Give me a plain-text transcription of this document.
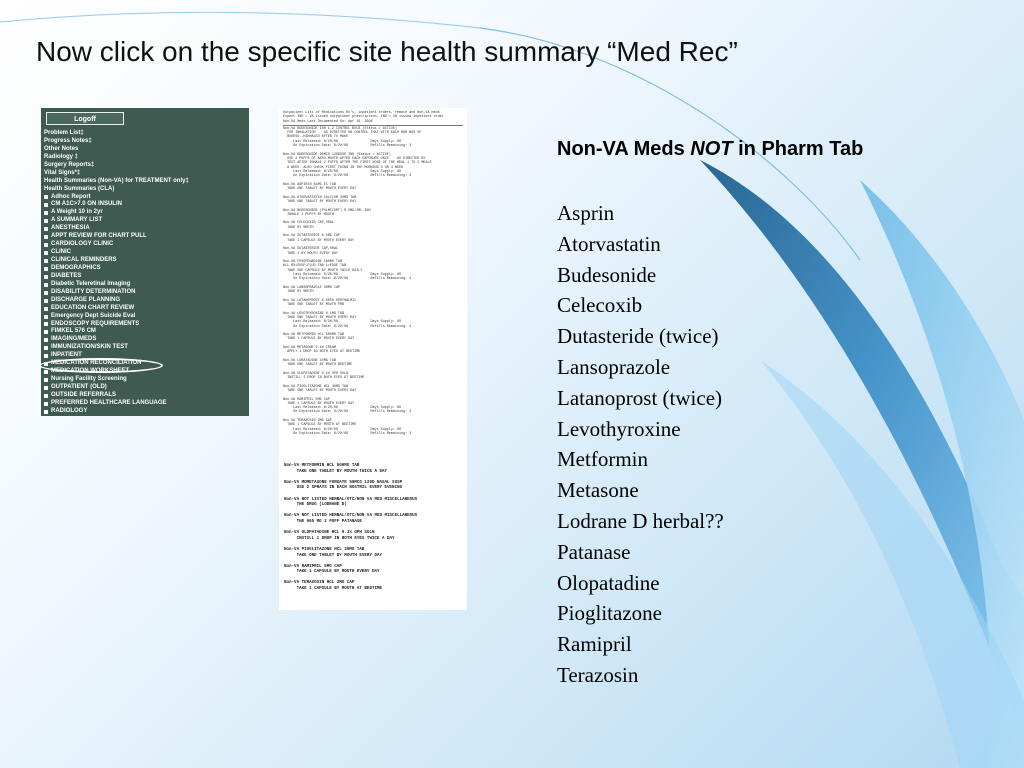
Now click on the specific site health summary “Med Rec”
Logoff
Problem List‡
Progress Notes‡
Other Notes
Radiology ‡
Surgery Reports‡
Vital Signs*‡
Health Summaries (Non-VA) for TREATMENT only‡
Health Summaries (CLA)
Adhoc Report
CM A1C>7.0 ON INSULIN
A Weight 10 in 2yr
A SUMMARY LIST
ANESTHESIA
APPT REVIEW FOR CHART PULL
CARDIOLOGY CLINIC
CLINIC
CLINICAL REMINDERS
DEMOGRAPHICS
DIABETES
Diabetic Teleretinal Imaging
DISABILITY DETERMINATION
DISCHARGE PLANNING
EDUCATION CHART REVIEW
Emergency Dept Suicide Eval
ENDOSCOPY REQUIREMENTS
FIMKEL 576 CM
IMAGING/MEDS
IMMUNIZATION/SKIN TEST
INPATIENT
MEDICATION RECONCILIATION
MEDICATION WORKSHEET
Nursing Facility Screening
OUTPATIENT (OLD)
OUTSIDE REFERRALS
PREFERRED HEALTHCARE LANGUAGE
RADIOLOGY
Outpatient List of Medications Rx's, inpatient orders, remote and Non-VA meds
Expect IND = VA issued outpatient prescription, IND = VA issued inpatient order
Non-VA Meds Last Documented On: Apr 16, 2008
Non-VA BUDESONIDE INH 1-2 CONTROL BULB (Status = ACTIVE)
FOR INHALATION    AS DIRECTED ON CONTROL THAT WITH EACH MAR NOS OF
BUDESO--HINHALED AFTER TO MAKE
Last Released: 8/20/08                Days Supply: 90
On Expiration Date: 8/20/09           Refills Remaining: 3

Non-VA BUDESONIDE 90MCG 120DOSE INH (Status = ACTIVE)
USE 2 PUFFS OF AERO-MOUTH AFTER EACH EXPOSURE ONCE    AS DIRECTED BY
TEST AFTER INHALE 2 PUFFS AFTER THE FIRST DOSE OF THE MEAL 1 TO 2 MEALS
A WEEK. ALSO CHECK FIRST THING IN THE MORNING 3 OR 4 WEEK
Last Released: 8/20/08                Days Supply: 90
On Expiration Date: 8/20/09           Refills Remaining: 3

Non-VA ASPIRIN 81MG EC TAB
TAKE ONE TABLET BY MOUTH EVERY DAY

Non-VA ATORVASTATIN CALCIUM 20MG TAB
TAKE ONE TABLET BY MOUTH EVERY DAY

Non-VA BUDESONIDE (PULMICORT) 0.5MG/2ML INH
INHALE 2 PUFFS BY MOUTH

Non-VA CELECOXIB CAP,ORAL
TAKE BY MOUTH

Non-VA DUTASTERIDE 0.5MG CAP
TAKE 1 CAPSULE BY MOUTH EVERY DAY

Non-VA DUTASTERIDE CAP,ORAL
TAKE 1 BY MOUTH EVERY DAY

Non-VA FEXOFENADINE 180MG TAB
ALL RX=DUSP.FLUD TAB 1=EDGE TAB
TAKE ONE CAPSULE BY MOUTH TWICE DAILY
Last Released: 8/20/08                Days Supply: 90
On Expiration Date: 8/20/09           Refills Remaining: 3

Non-VA LANSOPRAZOLE 30MG CAP
TAKE BY MOUTH

Non-VA LATANOPROST 0.005% OPHTHALMIC
TAKE ONE TABLET BY MOUTH PRN

Non-VA LEVOTHYROXINE 0.1MG TAB
TAKE ONE TABLET BY MOUTH EVERY DAY
Last Released: 8/20/08                Days Supply: 90
On Expiration Date: 8/20/09           Refills Remaining: 3

Non-VA METFORMIN HCL 500MG TAB
TAKE 1 CAPSULE BY MOUTH EVERY DAY

Non-VA METASONE 0.1% CREAM
APPLY 1 DROP IN BOTH EYES AT BEDTIME

Non-VA LORATADINE 10MG TAB
TAKE ONE TABLET BY MOUTH BEDTIME

Non-VA OLOPATADINE 0.1% OPH SOLN
INSTILL 1 DROP IN BOTH EYES AT BEDTIME

Non-VA PIOGLITAZONE HCL 30MG TAB
TAKE ONE TABLET BY MOUTH EVERY DAY

Non-VA RAMIPRIL 5MG CAP
TAKE 1 CAPSULE BY MOUTH EVERY DAY
Last Released: 8/20/08                Days Supply: 90
On Expiration Date: 8/20/09           Refills Remaining: 3

Non-VA TERAZOSIN 2MG CAP
TAKE 1 CAPSULE BY MOUTH AT BEDTIME
Last Released: 8/20/08                Days Supply: 90
On Expiration Date: 8/20/09           Refills Remaining: 3
Non-VA METFORMIN HCL 500MG TAB
TAKE ONE TABLET BY MOUTH TWICE A DAY

Non-VA MOMETASONE FUROATE 50MCG 120D NASAL SUSP
USE 2 SPRAYS IN EACH NOSTRIL EVERY EVENING

Non-VA NOT LISTED HERBAL/OTC/NON VA MED MISCELLANEOUS
THE DRUG (LODRANE D)

Non-VA NOT LISTED HERBAL/OTC/NON VA MED MISCELLANEOUS
THE 665 MG 2 PUFF PATANASE

Non-VA OLOPATADINE HCL 0.1% OPH SOLN
INSTILL 1 DROP IN BOTH EYES TWICE A DAY

Non-VA PIOGLITAZONE HCL 30MG TAB
TAKE ONE TABLET BY MOUTH EVERY DAY

Non-VA RAMIPRIL 5MG CAP
TAKE 1 CAPSULE BY MOUTH EVERY DAY

Non-VA TERAZOSIN HCL 2MG CAP
TAKE 1 CAPSULE BY MOUTH AT BEDTIME
Non-VA Meds NOT in Pharm Tab
Asprin
Atorvastatin
Budesonide
Celecoxib
Dutasteride (twice)
Lansoprazole
Latanoprost (twice)
Levothyroxine
Metformin
Metasone
Lodrane D herbal??
Patanase
Olopatadine
Pioglitazone
Ramipril
Terazosin
